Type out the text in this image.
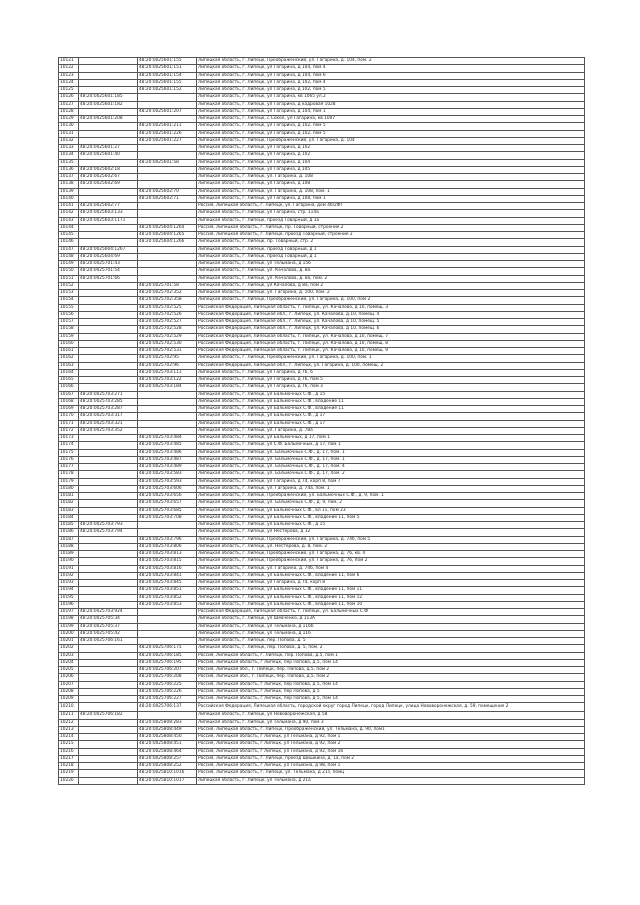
10121		48:20:0025601:155	Липецкая область, г. Липецк, Преображенский, ул. Гагарина, д. 104, пом. 2
10122		48:20:0025601:151	Липецкая область, г. Липецк, ул Гагарина, д 104, пом 4
10123		48:20:0025601:154	Липецкая область, г. Липецк, ул Гагарина, д 104, пом 6
10124		48:20:0025601:155	Липецкая область, г. Липецк, ул Гагарина, д 102, пом 4
10125		48:20:0025601:152	Липецкая область, г. Липецк, ул Гагарина, д 102, пом 5
10126	48:20:0025601:185		Липецкая область, г. Липецк, ул Гагарина, кв 1065 ул.2
10127	48:20:0025601:182		Липецкая область, г. Липецк, ул Гагарина, д кадровая 1028
10128		48:20:0025601:207	Липецкая область, г. Липецк, ул Гагарина, д 104, пом 1
10129	48:20:0025601:208		Липецкая область, г. Липецк, с.Сокол, ул Гагарина, кв 1007
10130		48:20:0025601:211	Липецкая область, г. Липецк, ул Гагарина, д 102, пом 5
10131		48:20:0025601:226	Липецкая область, г. Липецк, ул Гагарина, д 102, пом 5
10132		48:20:0025601:227	Липецкая область, г. Липецк, Преображенский, ул. Гагарина, д. 104
10133	48:20:0025601:27		Липецкая область, г. Липецк, ул Гагарина, д 102
10134	48:20:0025601:40		Липецкая область, г. Липецк, ул Гагарина, д 102
10135		48:20:0025601:58	Липецкая область, г. Липецк, ул Гагарина, д 104
10136	48:20:0025602:18		Липецкая область, г. Липецк, ул Гагарина, д 105
10137	48:20:0025602:67		Липецкая область, г. Липецк, ул. Гагарина, д. 108
10138	48:20:0025602:69		Липецкая область, г. Липецк, ул Гагарина, д 108
10139		48:20:0025602:70	Липецкая область, г. Липецк, ул. Гагарина, д. 108, пом. 1
10140		48:20:0025602:71	Липецкая область, г. Липецк, ул Гагарина, д 108, пом 1
10141	48:20:0025602:77		Россия, Липецкая область, г. Липецк, ул. Гагарина, дом 4б/2ФТ
10142	48:20:0025603:133		Липецкая область, г. Липецк, ул Гагарина, стр. 114а
10143	48:20:0025603:1171		Липецкая область, г. Липецк, проезд Товарный, д 1а
10144		48:20:0025604:1264	Россия, Липецкая область, г. Липецк, пр. Товарный, строение 2
10145		48:20:0025604:1265	Россия, Липецкая область, г. Липецк, проезд Товарный, строение 2
10146		48:20:0025604:1266	Липецкая область, г. Липецк, пр. Товарный, стр. 2
10147	48:20:0025604:1267		Липецкая область, г. Липецк, проезд Товарный, д 1
10148	48:20:0025604:69		Липецкая область, г. Липецк, проезд Товарный, д 1
10149	48:20:0025701:43		Липецкая область, г. Липецк, ул Тельмана, д 156
10150	48:20:0025701:54		Липецкая область, г. Липецк, ул. Качалова, д. 8а
10151	48:20:0025701:66		Липецкая область, г. Липецк, ул. Качалова, д. 8а, пом. 2
10152		48:20:0025701:58	Липецкая область, г. Липецк, ул Качалова, д 8а, пом 2
10153		48:20:0025702:352	Липецкая область, г. Липецк, ул. Гагарина, д. 100, пом. 2
10154		48:20:0025702:358	Липецкая область, г. Липецк, Преображенский, ул. Гагарина, д. 100, пом 2
10155		48:20:0025702:525	Российская Федерация, Липецкая область, г. Липецк, ул. Качалова, д 10, помещ. 3
10156		48:20:0025702:526	Российская Федерация, Липецкая обл., г. Липецк, ул. Качалова, д.10, помещ. 4
10157		48:20:0025702:527	Российская Федерация, Липецкая обл., г. Липецк, ул. Качалова, д 10, помещ. 5
10158		48:20:0025702:528	Российская Федерация, Липецкая обл., г. Липецк, ул. Качалова, д 10, помещ. 6
10159		48:20:0025702:529	Российская Федерация, Липецкая область, г. Липецк, ул. Качалова, д 10, помещ. 7
10160		48:20:0025702:530	Российская Федерация, Липецкая область, г. Липецк, ул. Качалова, д 10, помещ. 8
10161		48:20:0025702:531	Российская Федерация, Липецкая область, г. Липецк, ул. Качалова, д 10, помещ. 9
10162		48:20:0025702:95	Липецкая область, г. Липецк, Преображенский, ул. Гагарина, д. 100, пом. 1
10163		48:20:0025702:96	Российская Федерация, Липецкая обл., г. Липецк, ул. Гагарина, д. 100, помещ. 2
10164		48:20:0025703:111	Липецкая область, г. Липецк, ул Гагарина, д 76, 6
10165		48:20:0025703:122	Липецкая область, г. Липецк, ул Гагарина, д 76, пом 5
10166		48:20:0025703:184	Липецкая область, г. Липецк, ул Гагарина, д 76, пом 3
10167	48:20:0025703:271		Липецкая область, г. Липецк, ул Бальмочных С.Ф., д 15
10168	48:20:0025703:285		Липецкая область, г. Липецк, ул Бальмочных С.Ф., владение 11
10169	48:20:0025703:287		Липецкая область, г. Липецк, ул Бальмочных С.Ф., владение 11
10170	48:20:0025703:317		Липецкая область, г. Липецк, ул Бальмочных С.Ф., д 17
10171	48:20:0025703:321		Липецкая область, г. Липецк, ул Бальмочных С.Ф., д 17
10172	48:20:0025703:352		Липецкая область, г. Липецк, ул. Гагарина, д. 78а
10173		48:20:0025703:484	Липецкая область, г. Липецк, ул Бальмочных, д 17, пом 1
10174		48:20:0025703:485	Липецкая область, г. Липецк, ул С.Ф. Бальмочных, д 17, пом 1
10175		48:20:0025703:486	Липецкая область, г. Липецк, ул. Бальмочных С.Ф., д. 17, пом. 1
10176		48:20:0025703:487	Липецкая область, г. Липецк, ул. Бальмочных С.Ф., д. 17, пом. 1
10177		48:20:0025703:489	Липецкая область, г. Липецк, ул. Бальмочных С.Ф., д. 17, пом. 4
10178		48:20:0025703:583	Липецкая область, г. Липецк, ул. Бальмочных С.Ф., д. 17, пом. 2
10179		48:20:0025703:593	Липецкая область, г. Липецк, ул Гагарина, д 74, корп 8, пом 7
10180		48:20:0025703:606	Липецкая область, г. Липецк, ул. Гагарина, д. 74а, пом. 1
10181		48:20:0025703:656	Липецкая область, г. Липецк, Преображенский, ул. Бальмочных С.Ф., д. 9, пом. 1
10182		48:20:0025703:657	Липецкая область, г. Липецк, ул. Бальмочных С.Ф., д. 9, пом. 2
10183		48:20:0025703:685	Липецкая область, г. Липецк, ул Бальмочных С.Ф., вл 11, пом 23
10184		48:20:0025703:708	Липецкая область, г. Липецк, ул Бальмочных С.Ф., владение 11, пом 5
10185	48:20:0025703:793		Липецкая область, г. Липецк, ул Бальмочных С.Ф., д 15
10186	48:20:0025703:794		Липецкая область, г. Липецк, ул Нестерова, д 12
10187		48:20:0025703:796	Липецкая область, г. Липецк, Преображенский, ул. Гагарина, д. 74б, пом 5
10188		48:20:0025703:806	Липецкая область, г. Липецк, ул. Нестерова, д. 8, пом. 2
10189		48:20:0025703:813	Липецкая область, г. Липецк, Преображенский, ул. Гагарина, д. 76, кв. 4
10190		48:20:0025703:815	Липецкая область, г. Липецк, Преображенский, ул. Гагарина, д. 76, пом 2
10191		48:20:0025703:816	Липецкая область, г. Липецк, ул. Гагарина, д. 74б, пом 4
10192		48:20:0025703:841	Липецкая область, г. Липецк, ул Бальмочных С.Ф., владение 11, пом 6
10193		48:20:0025703:845	Липецкая область, г. Липецк, ул Гагарина, д 74, корп 8
10194		48:20:0025703:851	Липецкая область, г. Липецк, ул Бальмочных С.Ф., владение 11, пом 11
10195		48:20:0025703:852	Липецкая область, г. Липецк, ул Бальмочных С.Ф., владение 11, пом 12
10196		48:20:0025703:853	Липецкая область, г. Липецк, ул Бальмочных С.Ф., владение 11, пом 10
10197	48:20:0025703:924		Российская Федерация, Липецкая область, г. Липецк, ул. Бальмочных С.Ф
10198	48:20:0025705:34		Липецкая область, г. Липецк, ул Шевченко, д 113А
10199	48:20:0025705:37		Липецкая область, г. Липецк, ул Тельмана, д 116б
10200	48:20:0025705:42		Липецкая область, г. Липецк, ул Тельмана, д 116
10201	48:20:0025706:161		Липецкая область, г. Липецк, пер. Попова, д. 5
10202		48:20:0025706:175	Липецкая область, г. Липецк, пер. Попова, д. 5, пом. 2
10203		48:20:0025706:185	Россия, Липецкая область, г. Липецк, пер. Попова, д.5, пом 1
10204		48:20:0025706:195	Россия, Липецкая область, г Липецк, пер Попова, д.5, пом 14
10205		48:20:0025706:207	Россия, Липецкая обл., г. Липецк, пер. Попова, д.5, пом 2
10206		48:20:0025706:208	Россия, Липецкая обл., г. Липецк, пер. Попова, д.5, пом 2
10207		48:20:0025706:225	Россия, Липецкая область, г Липецк, пер Попова, д 5, пом 14
10208		48:20:0025706:226	Россия, Липецкая область, г Липецк, пер Попова, д 5
10209		48:20:0025706:227	Россия, Липецкая область, г Липецк, пер Попова, д 5, пом 14
10210		48:20:0025706:137	Российская Федерация, Липецкая область, городской округ город Липецк, город Липецк, улица Нововоронежская, д. 59, помещение 2
10211	48:20:0025706:182		Липецкая область, г. Липецк, ул Нововоронежская, д 58
10212		48:20:0025808:283	Липецкая область, г. Липецк, ул Тельмана, д 90, пом 3
10213		48:20:0025808:449	Россия, Липецкая область, г. Липецк, Преображенский, ул. Тельмана, д. 90, пом1
10214		48:20:0025808:450	Россия, Липецкая область, г Липецк, ул Тельмана, д 92, пом 1
10215		48:20:0025808:451	Россия, Липецкая область, г Липецк, ул Тельмана, д 92, пом 2
10216		48:20:0025808:464	Россия, Липецкая область, г Липецк, ул Тельмана, д 92, пом 16
10217		48:20:0025808:25?	Россия, Липецкая область, г. Липецк, проезд Шишкина, д. 1а, пом 2
10218		48:20:0025808:252	Россия, Липецкая область, г Липецк, ул Тельмана, д 98, пом 1
10219		48:20:0025810:1016	Россия, Липецкая область, г. Липецк, ул. Тельмана, д 21з, помц
10220		48:20:0025810:1017	Липецкая область, г. Липецк, ул Тельмана, д 21а
